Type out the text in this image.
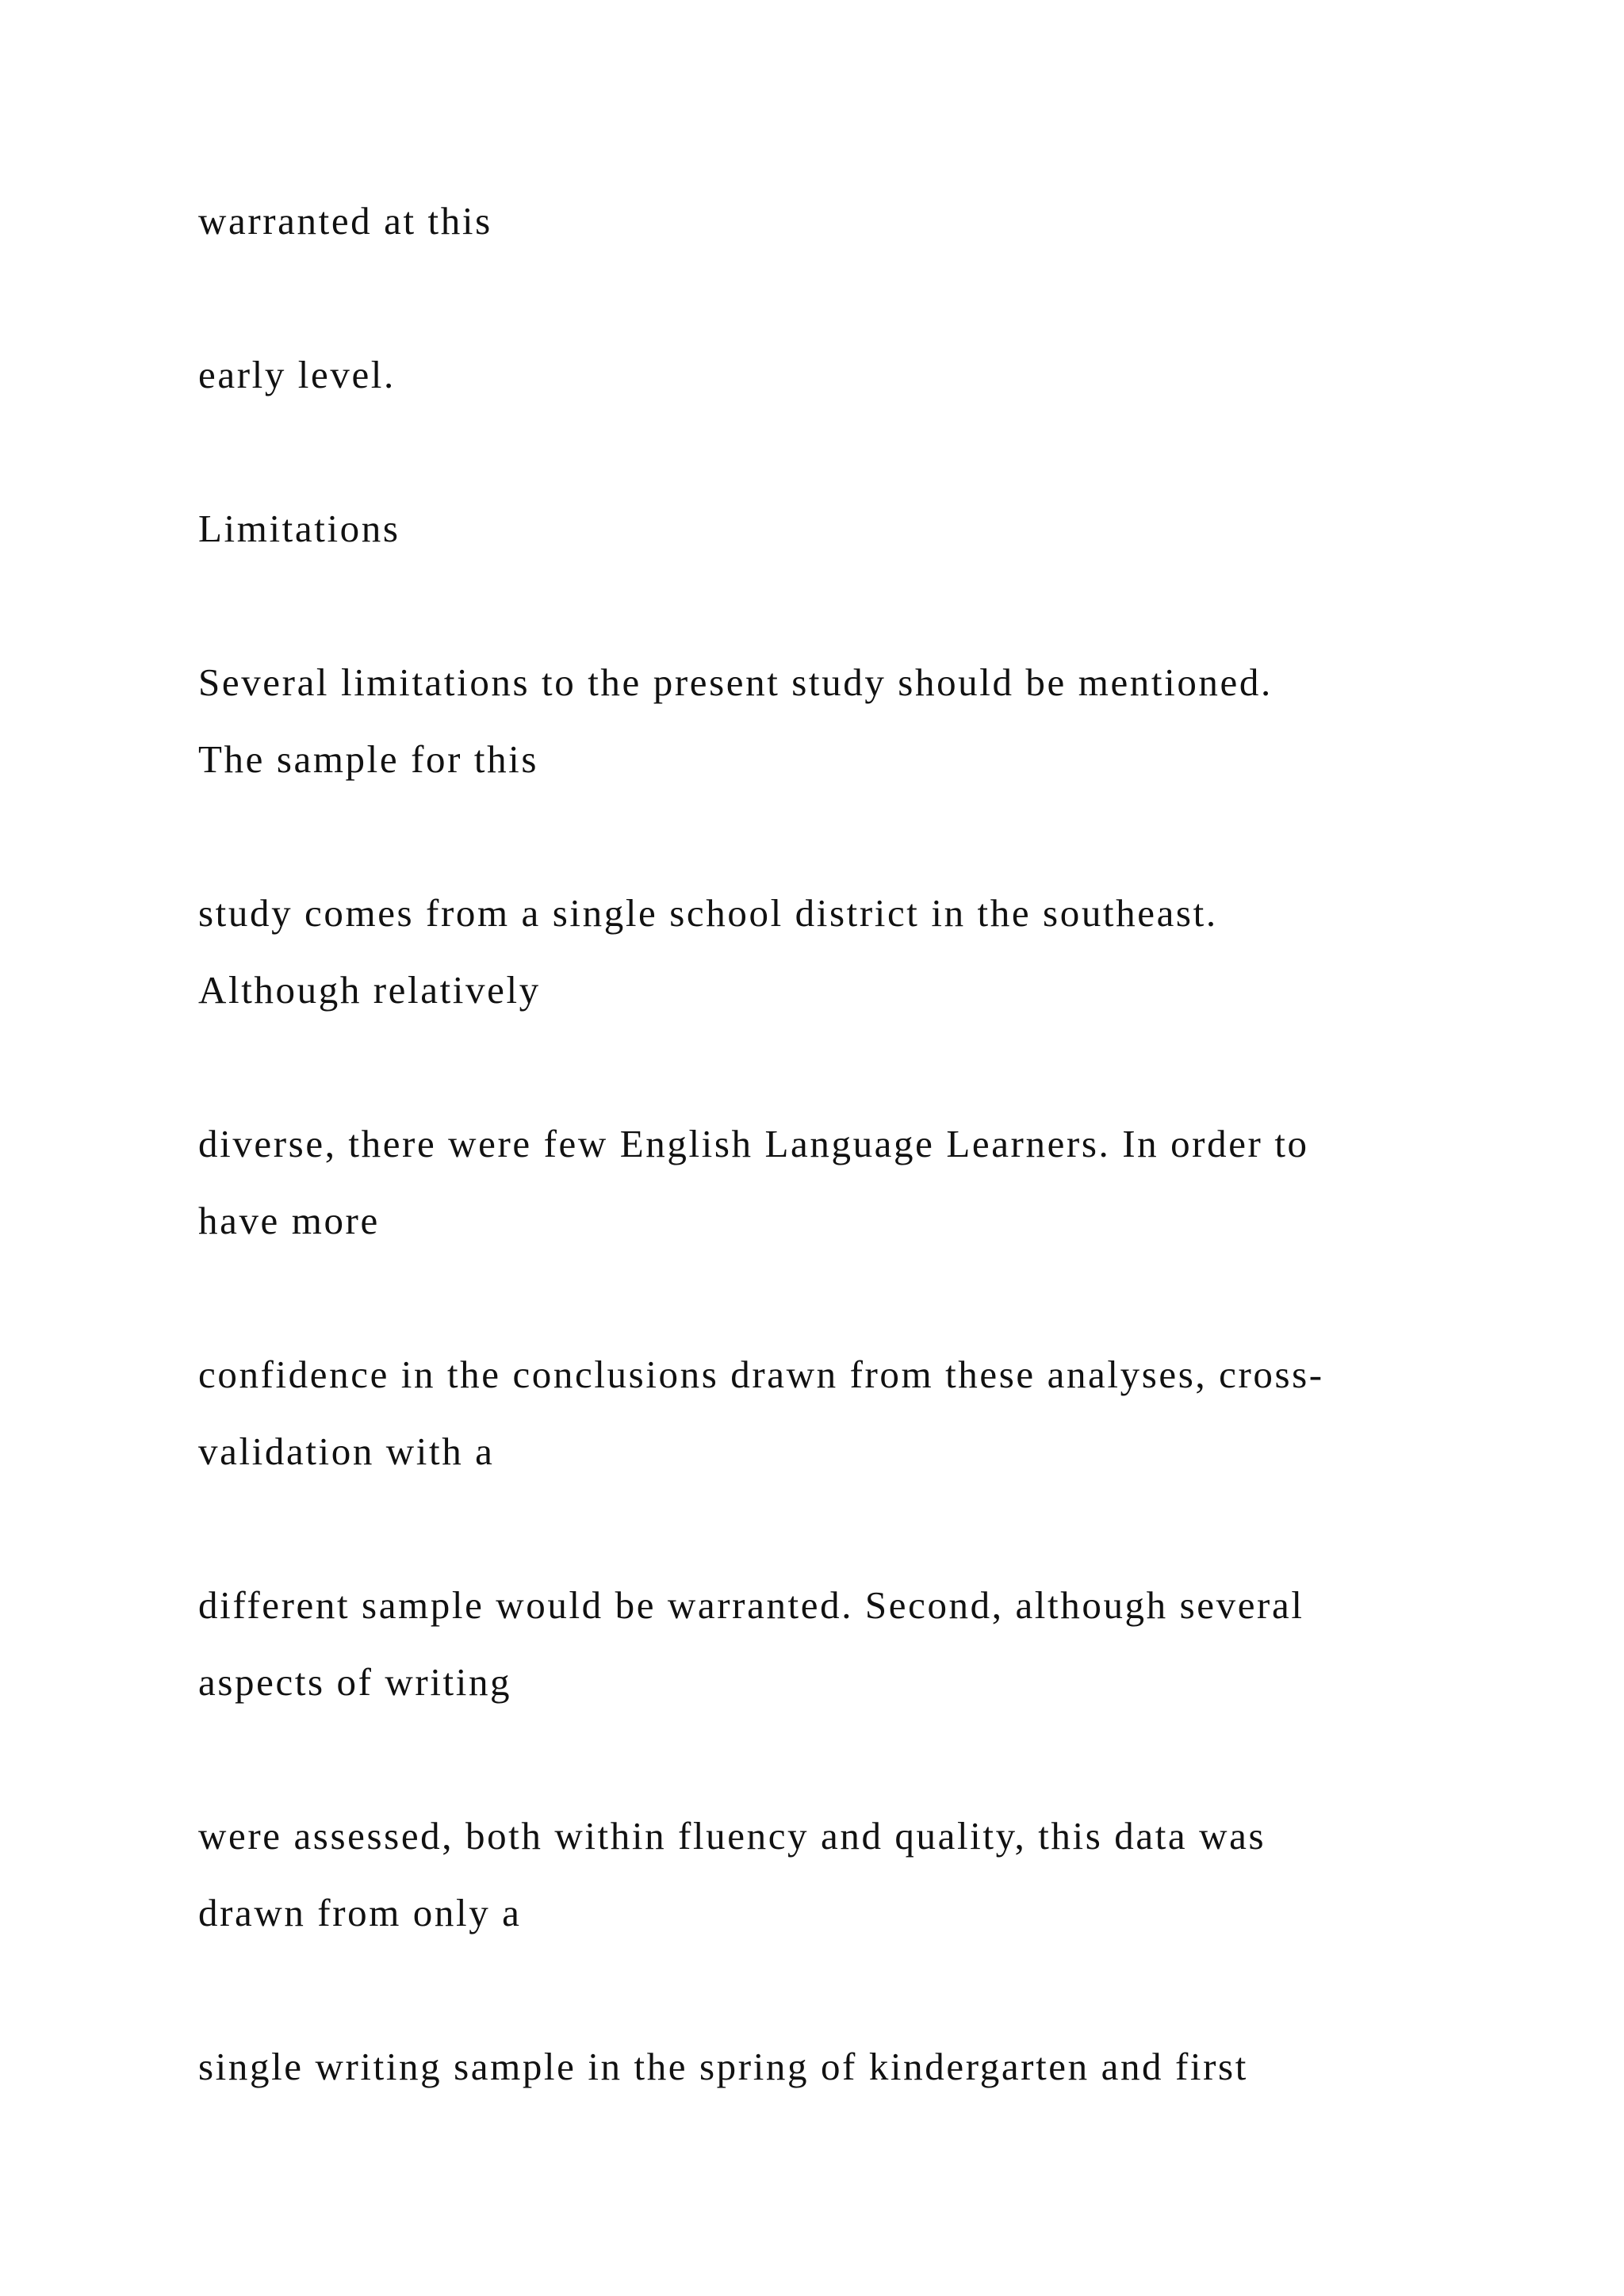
warranted at this

early level.

Limitations

Several limitations to the present study should be mentioned.

The sample for this

study comes from a single school district in the southeast.

Although relatively

diverse, there were few English Language Learners. In order to

have more

confidence in the conclusions drawn from these analyses, cross-

validation with a

different sample would be warranted. Second, although several

aspects of writing

were assessed, both within fluency and quality, this data was

drawn from only a

single writing sample in the spring of kindergarten and first
